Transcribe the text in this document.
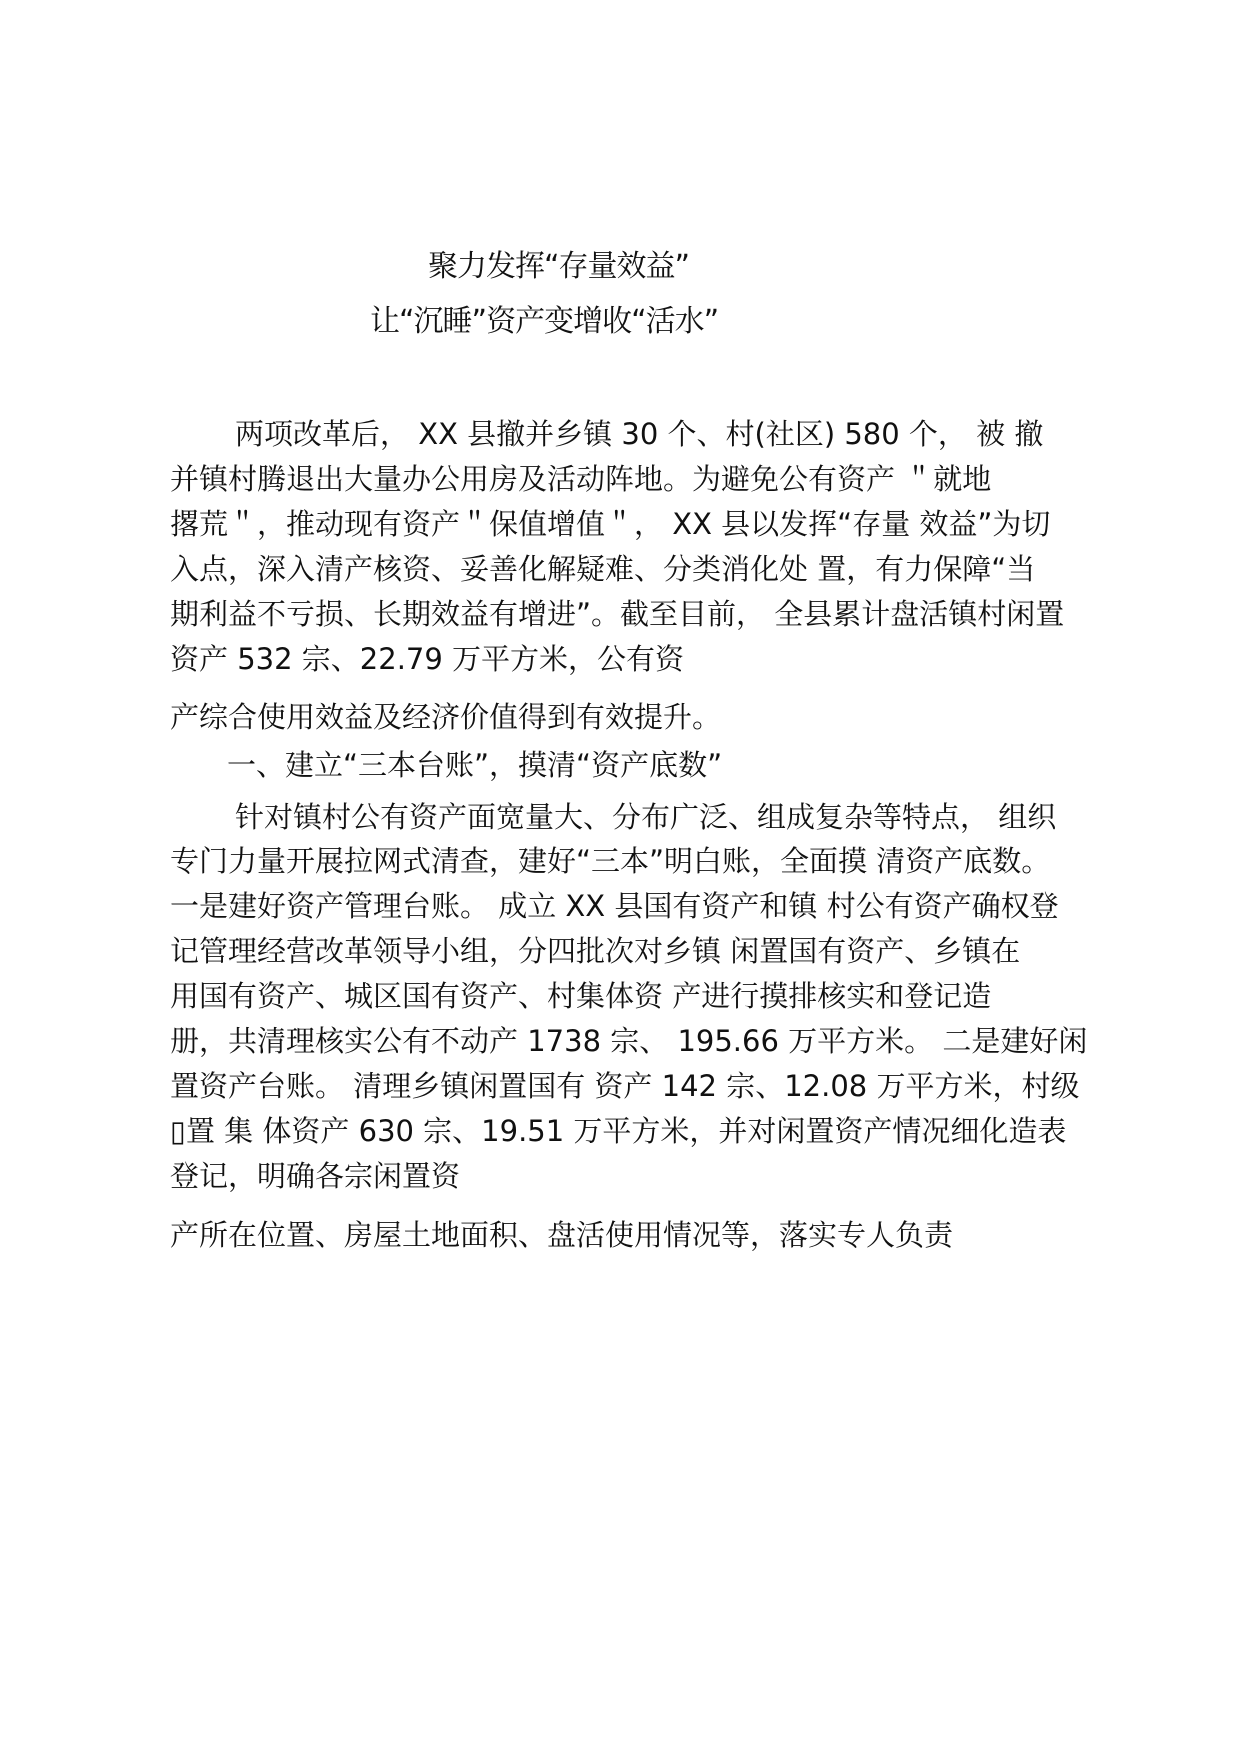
聚力发挥“存量效益”
让“沉睡”资产变增收“活水”
两项改革后， XX 县撤并乡镇 30 个、村(社区) 580 个， 被 撤
并镇村腾退出大量办公用房及活动阵地。为避免公有资产 ＂就地
撂荒＂，推动现有资产＂保值增值＂， XX 县以发挥“存量 效益”为切
入点，深入清产核资、妥善化解疑难、分类消化处 置，有力保障“当
期利益不亏损、长期效益有增进”。截至目前， 全县累计盘活镇村闲置
资产 532 宗、22.79 万平方米，公有资
产综合使用效益及经济价值得到有效提升。
一、建立“三本台账”，摸清“资产底数”
针对镇村公有资产面宽量大、分布广泛、组成复杂等特点， 组织
专门力量开展拉网式清查，建好“三本”明白账，全面摸 清资产底数。
一是建好资产管理台账。 成立 XX 县国有资产和镇 村公有资产确权登
记管理经营改革领导小组，分四批次对乡镇 闲置国有资产、乡镇在
用国有资产、城区国有资产、村集体资 产进行摸排核实和登记造
册，共清理核实公有不动产 1738 宗、 195.66 万平方米。 二是建好闲
置资产台账。 清理乡镇闲置国有 资产 142 宗、12.08 万平方米，村级
▯置 集 体资产 630 宗、19.51 万平方米，并对闲置资产情况细化造表
登记，明确各宗闲置资
产所在位置、房屋土地面积、盘活使用情况等，落实专人负责
